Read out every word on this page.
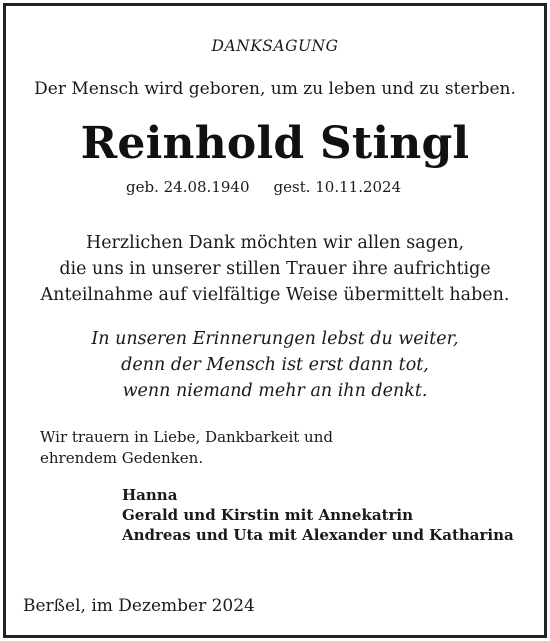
DANKSAGUNG
Der Mensch wird geboren, um zu leben und zu sterben.
Reinhold Stingl
geb. 24.08.1940 gest. 10.11.2024
Herzlichen Dank möchten wir allen sagen,
die uns in unserer stillen Trauer ihre aufrichtige
Anteilnahme auf vielfältige Weise übermittelt haben.
In unseren Erinnerungen lebst du weiter,
denn der Mensch ist erst dann tot,
wenn niemand mehr an ihn denkt.
Wir trauern in Liebe, Dankbarkeit und
ehrendem Gedenken.
Hanna
Gerald und Kirstin mit Annekatrin
Andreas und Uta mit Alexander und Katharina
Berßel, im Dezember 2024
